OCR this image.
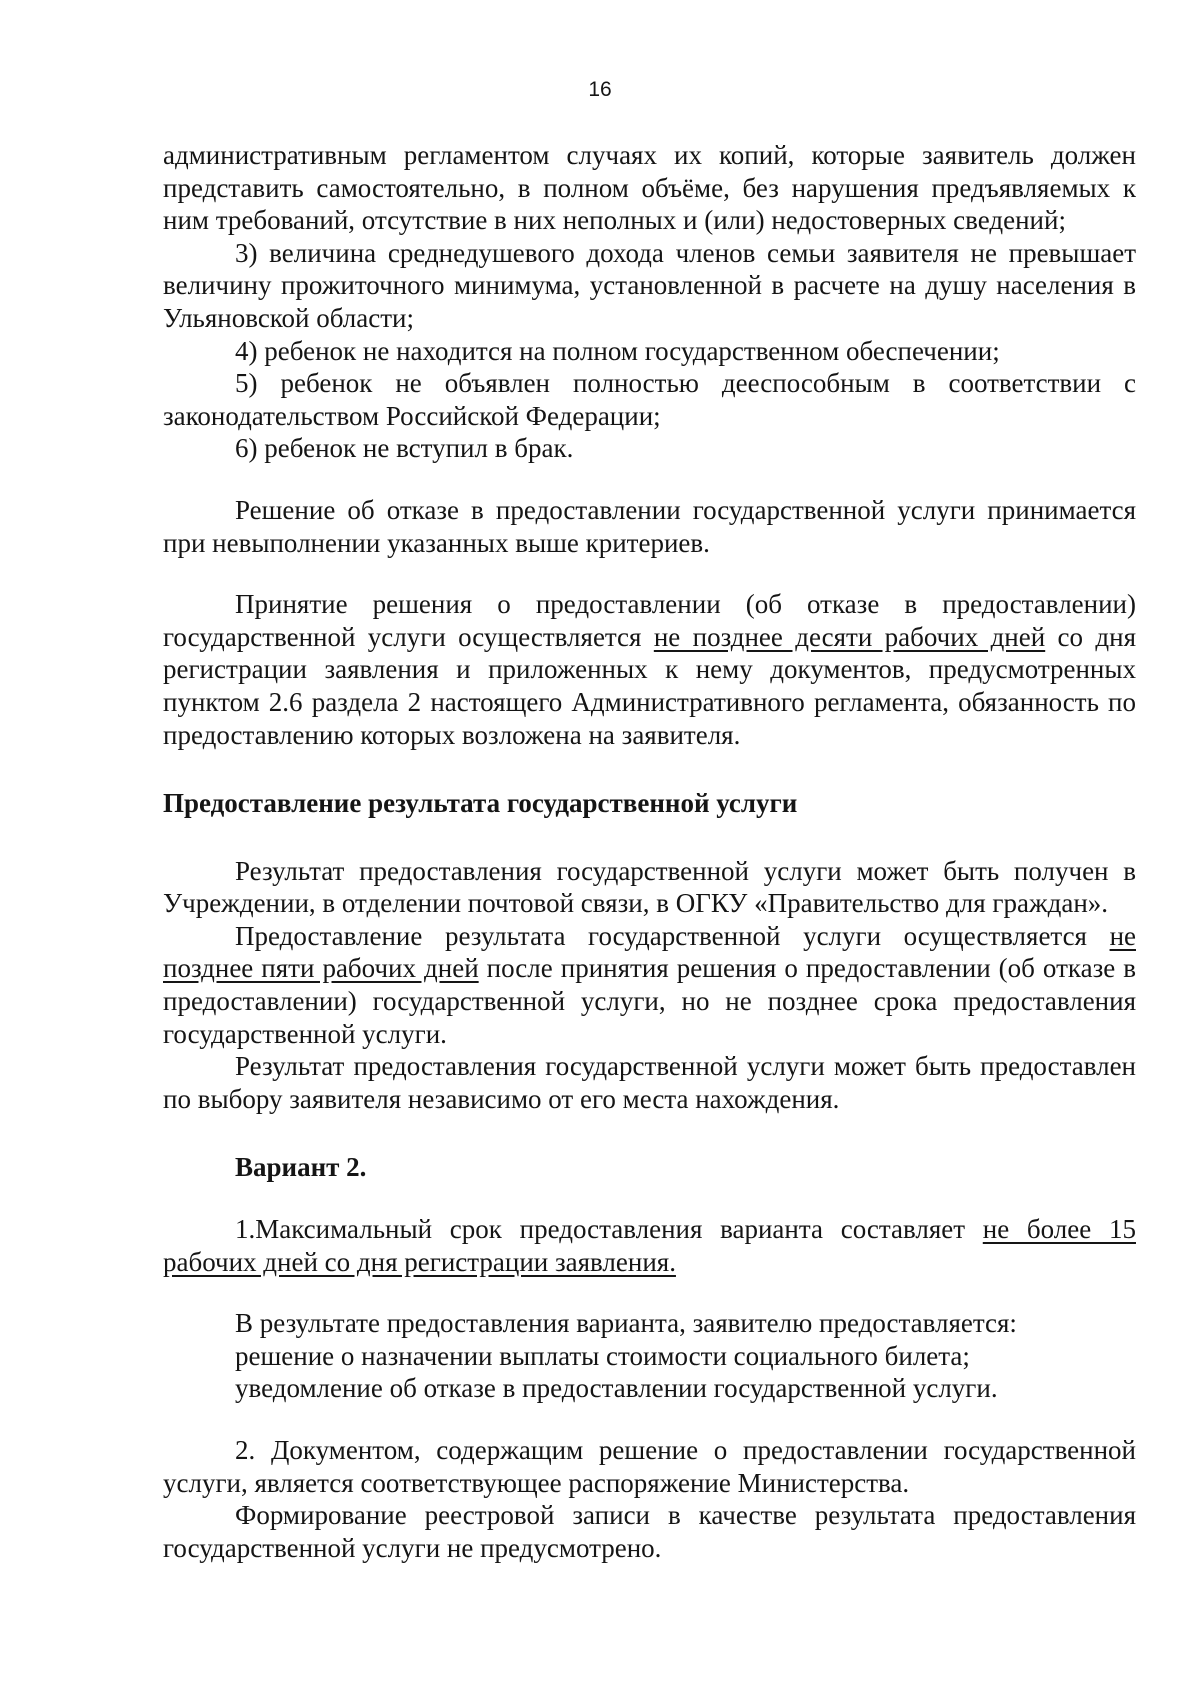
16

административным регламентом случаях их копий, которые заявитель должен представить самостоятельно, в полном объёме, без нарушения предъявляемых к ним требований, отсутствие в них неполных и (или) недостоверных сведений;

3) величина среднедушевого дохода членов семьи заявителя не превышает величину прожиточного минимума, установленной в расчете на душу населения в Ульяновской области;

4) ребенок не находится на полном государственном обеспечении;

5) ребенок не объявлен полностью дееспособным в соответствии с законодательством Российской Федерации;

6) ребенок не вступил в брак.

Решение об отказе в предоставлении государственной услуги принимается при невыполнении указанных выше критериев.

Принятие решения о предоставлении (об отказе в предоставлении) государственной услуги осуществляется не позднее десяти рабочих дней со дня регистрации заявления и приложенных к нему документов, предусмотренных пунктом 2.6 раздела 2 настоящего Административного регламента, обязанность по предоставлению которых возложена на заявителя.

Предоставление результата государственной услуги

Результат предоставления государственной услуги может быть получен в Учреждении, в отделении почтовой связи, в ОГКУ «Правительство для граждан».

Предоставление результата государственной услуги осуществляется не позднее пяти рабочих дней после принятия решения о предоставлении (об отказе в предоставлении) государственной услуги, но не позднее срока предоставления государственной услуги.

Результат предоставления государственной услуги может быть предоставлен по выбору заявителя независимо от его места нахождения.

Вариант 2.

1.Максимальный срок предоставления варианта составляет не более 15 рабочих дней со дня регистрации заявления.

В результате предоставления варианта, заявителю предоставляется:

решение о назначении выплаты стоимости социального билета;

уведомление об отказе в предоставлении государственной услуги.

2. Документом, содержащим решение о предоставлении государственной услуги, является соответствующее распоряжение Министерства.

Формирование реестровой записи в качестве результата предоставления государственной услуги не предусмотрено.
